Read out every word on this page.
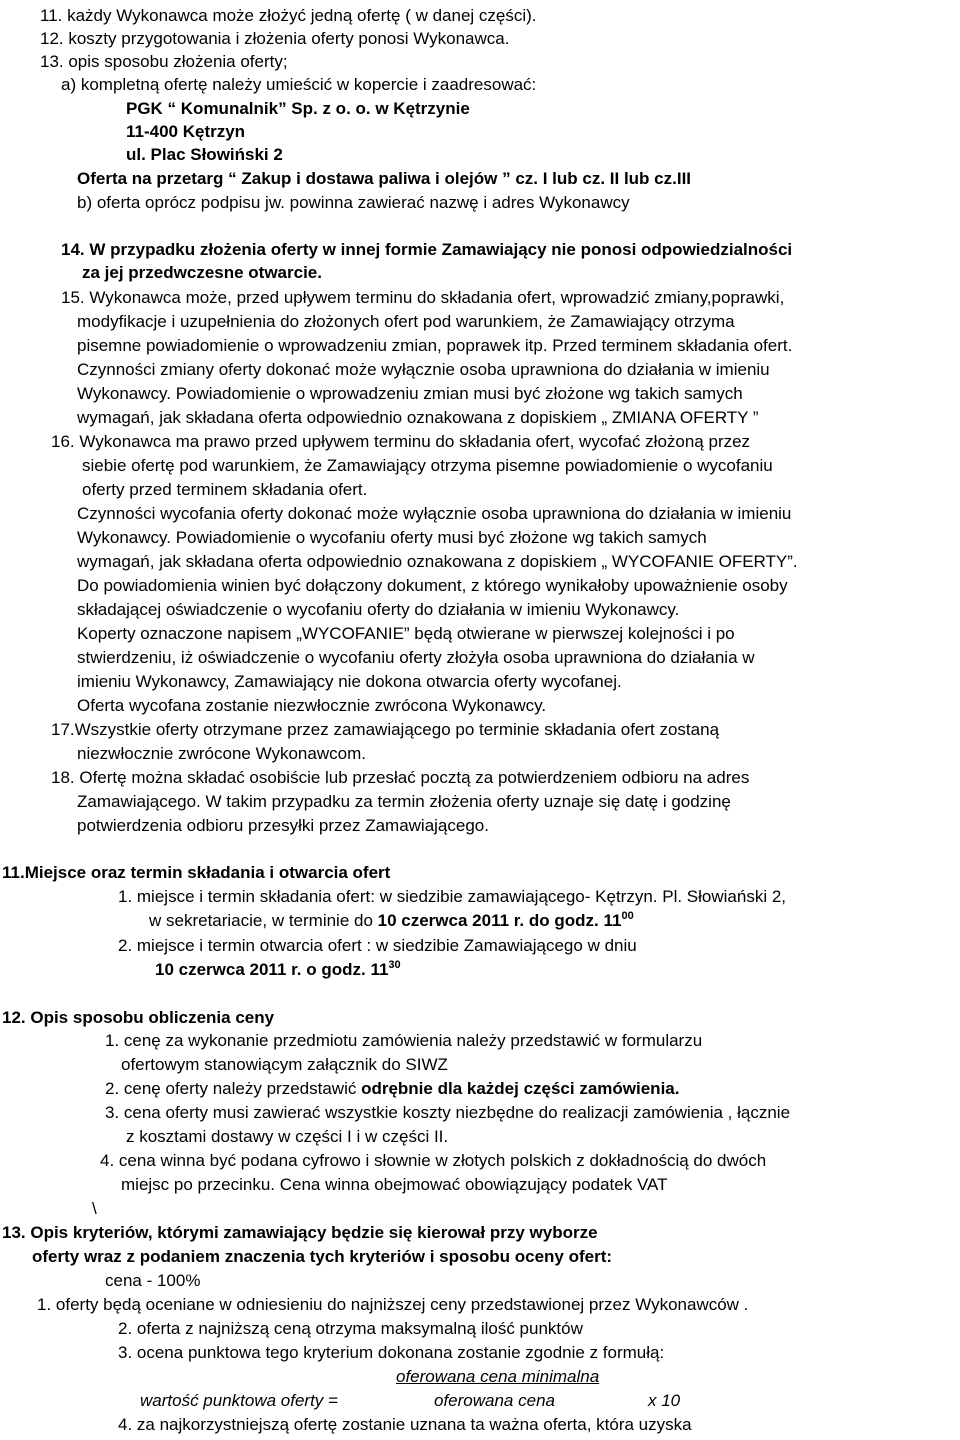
11. każdy Wykonawca może złożyć jedną ofertę ( w danej części).
12. koszty przygotowania i złożenia oferty ponosi Wykonawca.
13. opis sposobu złożenia oferty;
a) kompletną ofertę należy umieścić w kopercie i zaadresować:
PGK “ Komunalnik” Sp. z o. o. w Kętrzynie
11-400 Kętrzyn
ul. Plac Słowiński 2
Oferta na przetarg “ Zakup i dostawa paliwa i olejów ” cz. I lub cz. II lub cz.III
b) oferta oprócz podpisu jw. powinna zawierać nazwę i adres Wykonawcy
14. W przypadku złożenia oferty w innej formie Zamawiający nie ponosi odpowiedzialności
za jej przedwczesne otwarcie.
15. Wykonawca może, przed upływem terminu do składania ofert, wprowadzić zmiany,poprawki,
modyfikacje i uzupełnienia do złożonych ofert pod warunkiem, że Zamawiający otrzyma
pisemne powiadomienie o wprowadzeniu zmian, poprawek itp. Przed terminem składania ofert.
Czynności zmiany oferty dokonać może wyłącznie osoba uprawniona do działania w imieniu
Wykonawcy. Powiadomienie o wprowadzeniu zmian musi być złożone wg takich samych
wymagań, jak składana oferta odpowiednio oznakowana z dopiskiem „ ZMIANA OFERTY ”
16. Wykonawca ma prawo przed upływem terminu do składania ofert, wycofać złożoną przez
siebie ofertę pod warunkiem, że Zamawiający otrzyma pisemne powiadomienie o wycofaniu
oferty przed terminem składania ofert.
Czynności wycofania oferty dokonać może wyłącznie osoba uprawniona do działania w imieniu
Wykonawcy. Powiadomienie o wycofaniu oferty musi być złożone wg takich samych
wymagań, jak składana oferta odpowiednio oznakowana z dopiskiem „ WYCOFANIE OFERTY”.
Do powiadomienia winien być dołączony dokument, z którego wynikałoby upoważnienie osoby
składającej oświadczenie o wycofaniu oferty do działania w imieniu Wykonawcy.
Koperty oznaczone napisem „WYCOFANIE” będą otwierane w pierwszej kolejności i po
stwierdzeniu, iż oświadczenie o wycofaniu oferty złożyła osoba uprawniona do działania w
imieniu Wykonawcy, Zamawiający nie dokona otwarcia oferty wycofanej.
Oferta wycofana zostanie niezwłocznie zwrócona Wykonawcy.
17.Wszystkie oferty otrzymane przez zamawiającego po terminie składania ofert zostaną
niezwłocznie zwrócone Wykonawcom.
18. Ofertę można składać osobiście lub przesłać pocztą za potwierdzeniem odbioru na adres
Zamawiającego. W takim przypadku za termin złożenia oferty uznaje się datę i godzinę
potwierdzenia odbioru przesyłki przez Zamawiającego.
11.Miejsce oraz termin składania i otwarcia ofert
1. miejsce i termin składania ofert: w siedzibie zamawiającego- Kętrzyn. Pl. Słowiański 2,
w sekretariacie, w terminie do 10 czerwca 2011 r. do godz. $11^{00}$
2. miejsce i termin otwarcia ofert : w siedzibie Zamawiającego w dniu
10 czerwca 2011 r. o godz. $11^{30}$
12. Opis sposobu obliczenia ceny
1. cenę za wykonanie przedmiotu zamówienia należy przedstawić w formularzu
ofertowym stanowiącym załącznik do SIWZ
2. cenę oferty należy przedstawić odrębnie dla każdej części zamówienia.
3. cena oferty musi zawierać wszystkie koszty niezbędne do realizacji zamówienia , łącznie
z kosztami dostawy w części I i w części II.
4. cena winna być podana cyfrowo i słownie w złotych polskich z dokładnością do dwóch
miejsc po przecinku. Cena winna obejmować obowiązujący podatek VAT
\
13. Opis kryteriów, którymi zamawiający będzie się kierował przy wyborze
oferty wraz z podaniem znaczenia tych kryteriów i sposobu oceny ofert:
cena - 100%
1. oferty będą oceniane w odniesieniu do najniższej ceny przedstawionej przez Wykonawców .
2. oferta z najniższą ceną otrzyma maksymalną ilość punktów
3. ocena punktowa tego kryterium dokonana zostanie zgodnie z formułą:
oferowana cena minimalna
wartość punktowa oferty =	oferowana cena	x 10
4. za najkorzystniejszą ofertę zostanie uznana ta ważna oferta, która uzyska
